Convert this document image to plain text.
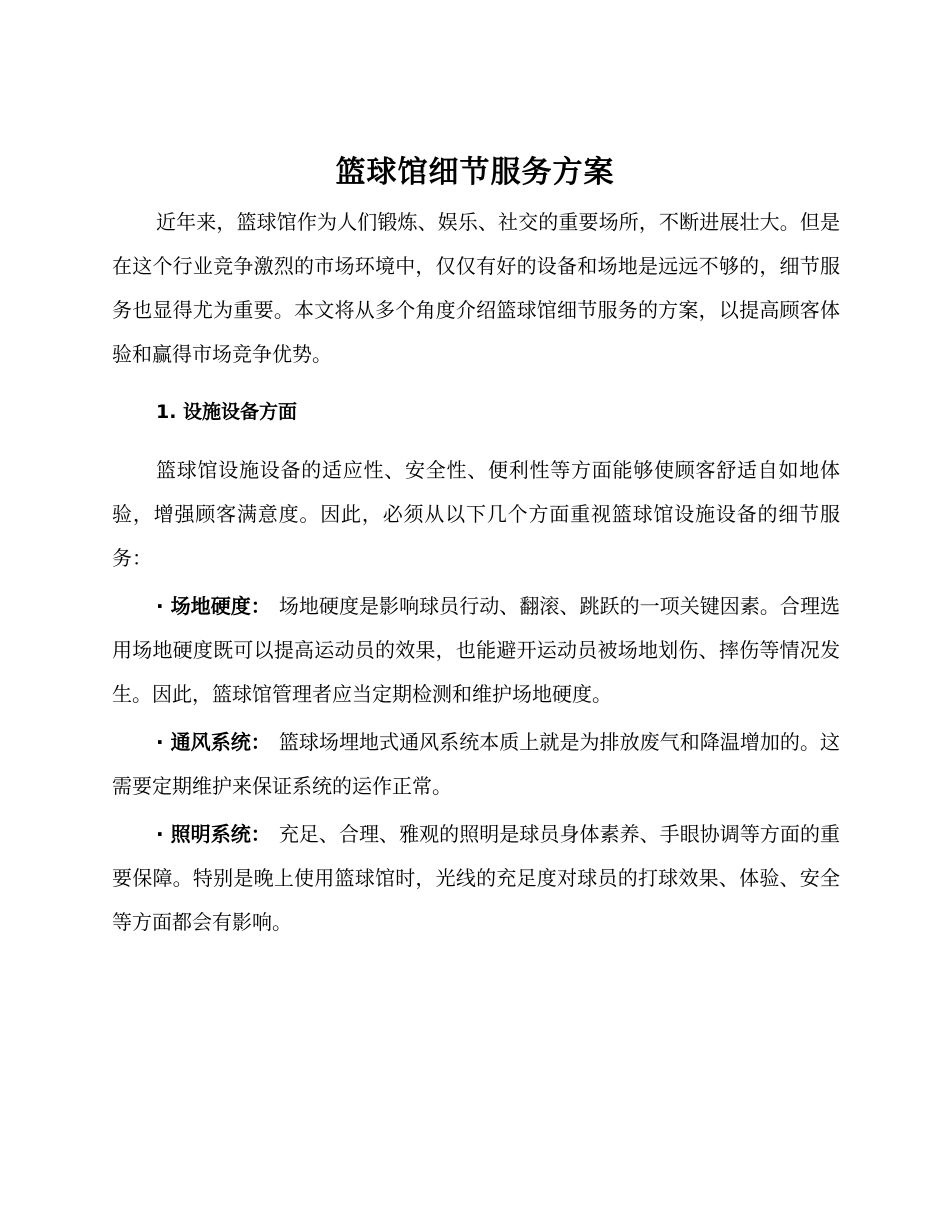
篮球馆细节服务方案

近年来，篮球馆作为人们锻炼、娱乐、社交的重要场所，不断进展壮大。但是在这个行业竞争激烈的市场环境中，仅仅有好的设备和场地是远远不够的，细节服务也显得尤为重要。本文将从多个角度介绍篮球馆细节服务的方案，以提高顾客体验和赢得市场竞争优势。

1. 设施设备方面

篮球馆设施设备的适应性、安全性、便利性等方面能够使顾客舒适自如地体验，增强顾客满意度。因此，必须从以下几个方面重视篮球馆设施设备的细节服务：

· 场地硬度： 场地硬度是影响球员行动、翻滚、跳跃的一项关键因素。合理选用场地硬度既可以提高运动员的效果，也能避开运动员被场地划伤、摔伤等情况发生。因此，篮球馆管理者应当定期检测和维护场地硬度。

· 通风系统： 篮球场埋地式通风系统本质上就是为排放废气和降温增加的。这需要定期维护来保证系统的运作正常。

· 照明系统： 充足、合理、雅观的照明是球员身体素养、手眼协调等方面的重要保障。特别是晚上使用篮球馆时，光线的充足度对球员的打球效果、体验、安全等方面都会有影响。
